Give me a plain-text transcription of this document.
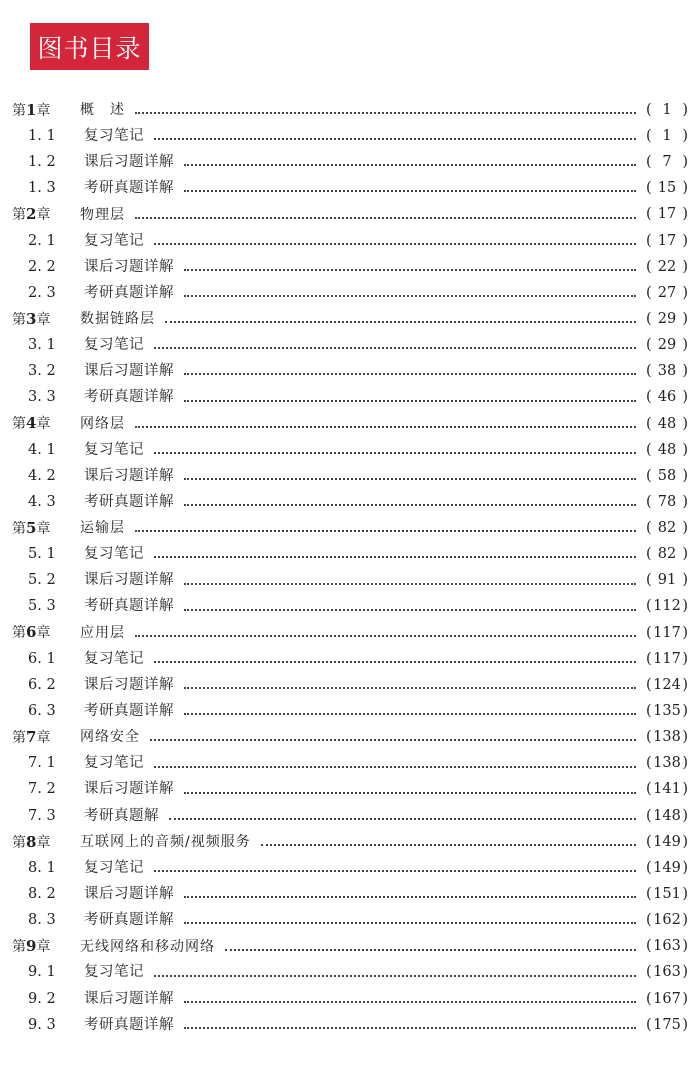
图书目录
第1章	概　述	( 1 )
1. 1	复习笔记	( 1 )
1. 2	课后习题详解	( 7 )
1. 3	考研真题详解	( 15 )
第2章	物理层	( 17 )
2. 1	复习笔记	( 17 )
2. 2	课后习题详解	( 22 )
2. 3	考研真题详解	( 27 )
第3章	数据链路层	( 29 )
3. 1	复习笔记	( 29 )
3. 2	课后习题详解	( 38 )
3. 3	考研真题详解	( 46 )
第4章	网络层	( 48 )
4. 1	复习笔记	( 48 )
4. 2	课后习题详解	( 58 )
4. 3	考研真题详解	( 78 )
第5章	运输层	( 82 )
5. 1	复习笔记	( 82 )
5. 2	课后习题详解	( 91 )
5. 3	考研真题详解	( 112 )
第6章	应用层	( 117 )
6. 1	复习笔记	( 117 )
6. 2	课后习题详解	( 124 )
6. 3	考研真题详解	( 135 )
第7章	网络安全	( 138 )
7. 1	复习笔记	( 138 )
7. 2	课后习题详解	( 141 )
7. 3	考研真题解	( 148 )
第8章	互联网上的音频/视频服务	( 149 )
8. 1	复习笔记	( 149 )
8. 2	课后习题详解	( 151 )
8. 3	考研真题详解	( 162 )
第9章	无线网络和移动网络	( 163 )
9. 1	复习笔记	( 163 )
9. 2	课后习题详解	( 167 )
9. 3	考研真题详解	( 175 )
